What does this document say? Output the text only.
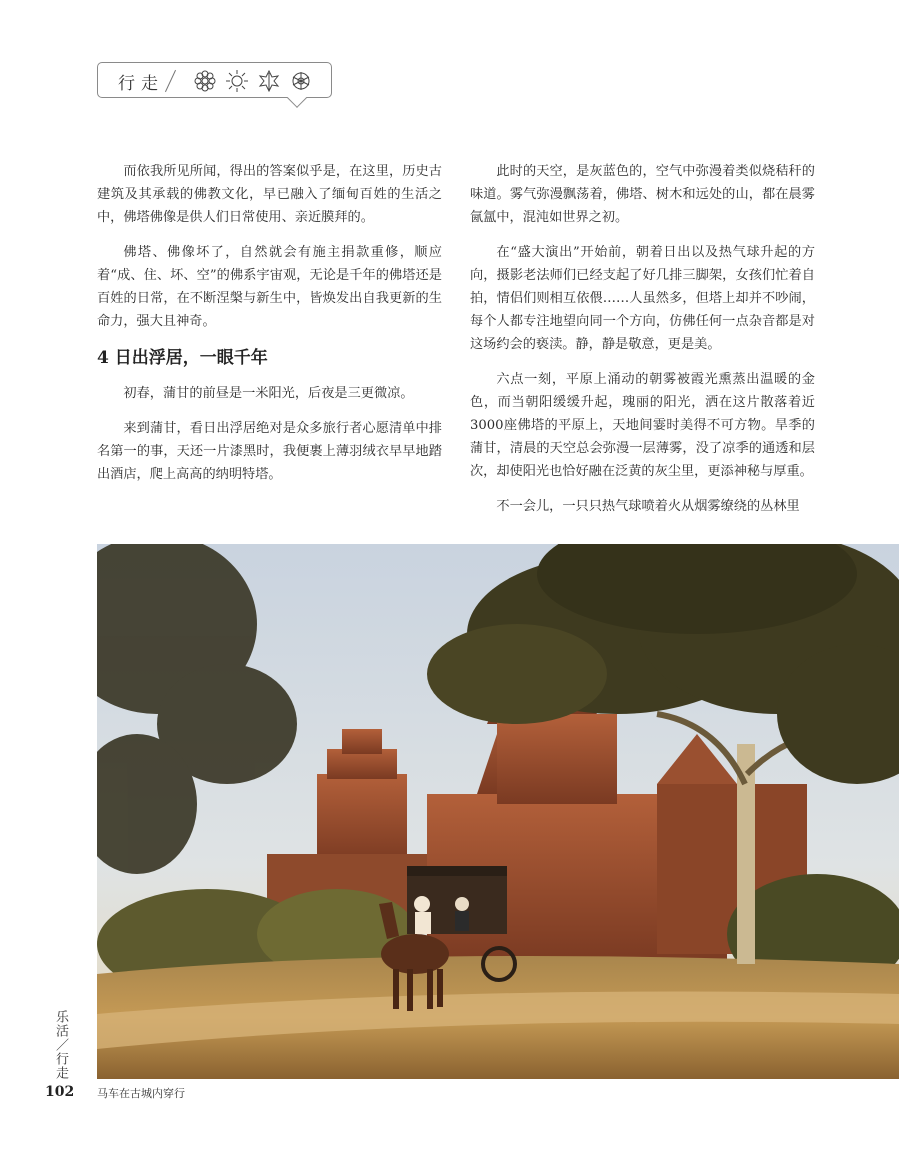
行走

而依我所见所闻，得出的答案似乎是，在这里，历史古建筑及其承载的佛教文化，早已融入了缅甸百姓的生活之中，佛塔佛像是供人们日常使用、亲近膜拜的。

佛塔、佛像坏了，自然就会有施主捐款重修，顺应着“成、住、坏、空”的佛系宇宙观，无论是千年的佛塔还是百姓的日常，在不断涅槃与新生中，皆焕发出自我更新的生命力，强大且神奇。

4 日出浮居，一眼千年

初春，蒲甘的前昼是一米阳光，后夜是三更微凉。

来到蒲甘，看日出浮居绝对是众多旅行者心愿清单中排名第一的事，天还一片漆黑时，我便裹上薄羽绒衣早早地踏出酒店，爬上高高的纳明特塔。

此时的天空，是灰蓝色的，空气中弥漫着类似烧秸秆的味道。雾气弥漫飘荡着，佛塔、树木和远处的山，都在晨雾氤氲中，混沌如世界之初。

在“盛大演出”开始前，朝着日出以及热气球升起的方向，摄影老法师们已经支起了好几排三脚架，女孩们忙着自拍，情侣们则相互依偎……人虽然多，但塔上却并不吵闹，每个人都专注地望向同一个方向，仿佛任何一点杂音都是对这场约会的亵渎。静，静是敬意，更是美。

六点一刻，平原上涌动的朝雾被霞光熏蒸出温暖的金色，而当朝阳缓缓升起，瑰丽的阳光，洒在这片散落着近3000座佛塔的平原上，天地间霎时美得不可方物。旱季的蒲甘，清晨的天空总会弥漫一层薄雾，没了凉季的通透和层次，却使阳光也恰好融在泛黄的灰尘里，更添神秘与厚重。

不一会儿，一只只热气球喷着火从烟雾缭绕的丛林里

乐活／行走
102 马车在古城内穿行
